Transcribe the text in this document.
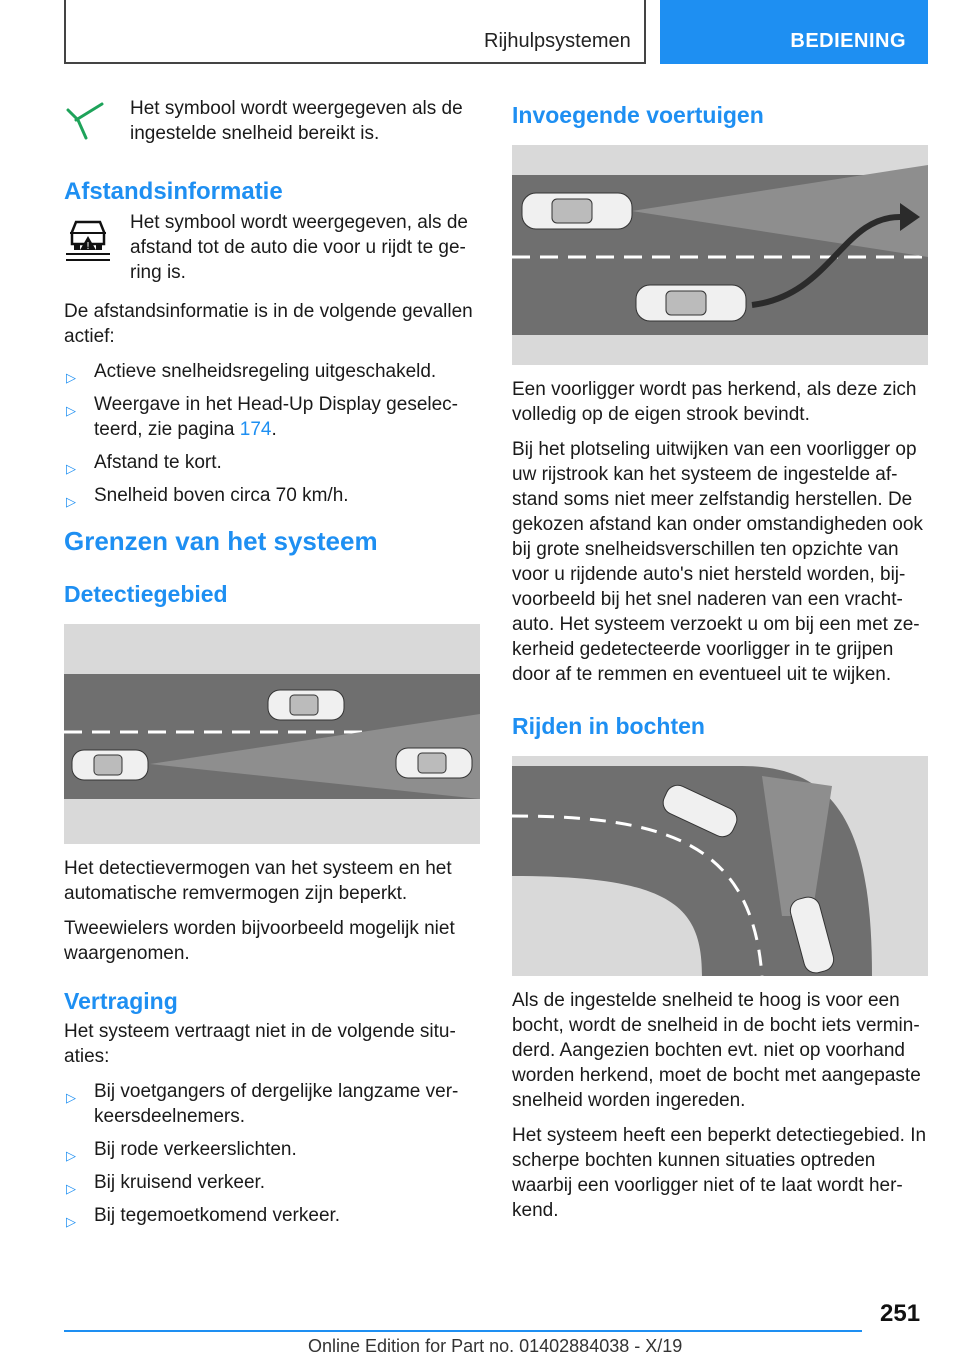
Rijhulpsystemen	BEDIENING

Het symbool wordt weergegeven als de ingestelde snelheid bereikt is.

Afstandsinformatie
!

Het symbool wordt weergegeven, als de afstand tot de auto die voor u rijdt te ge-ring is.

De afstandsinformatie is in de volgende gevallen actief:

▷ Actieve snelheidsregeling uitgeschakeld.
▷ Weergave in het Head-Up Display geselec-teerd, zie pagina 174.
▷ Afstand te kort.
▷ Snelheid boven circa 70 km/h.
Grenzen van het systeem
Detectiegebied

Het detectievermogen van het systeem en het automatische remvermogen zijn beperkt.

Tweewielers worden bijvoorbeeld mogelijk niet waargenomen.

Vertraging

Het systeem vertraagt niet in de volgende situ-aties:

▷ Bij voetgangers of dergelijke langzame ver-keersdeelnemers.
▷ Bij rode verkeerslichten.
▷ Bij kruisend verkeer.
▷ Bij tegemoetkomend verkeer.
Invoegende voertuigen

Een voorligger wordt pas herkend, als deze zich volledig op de eigen strook bevindt.

Bij het plotseling uitwijken van een voorligger op uw rijstrook kan het systeem de ingestelde af-stand soms niet meer zelfstandig herstellen. De gekozen afstand kan onder omstandigheden ook bij grote snelheidsverschillen ten opzichte van voor u rijdende auto's niet hersteld worden, bij-voorbeeld bij het snel naderen van een vracht-auto. Het systeem verzoekt u om bij een met ze-kerheid gedetecteerde voorligger in te grijpen door af te remmen en eventueel uit te wijken.

Rijden in bochten

Als de ingestelde snelheid te hoog is voor een bocht, wordt de snelheid in de bocht iets vermin-derd. Aangezien bochten evt. niet op voorhand worden herkend, moet de bocht met aangepaste snelheid worden ingereden.

Het systeem heeft een beperkt detectiegebied. In scherpe bochten kunnen situaties optreden waarbij een voorligger niet of te laat wordt her-kend.

251
Online Edition for Part no. 01402884038 - X/19
